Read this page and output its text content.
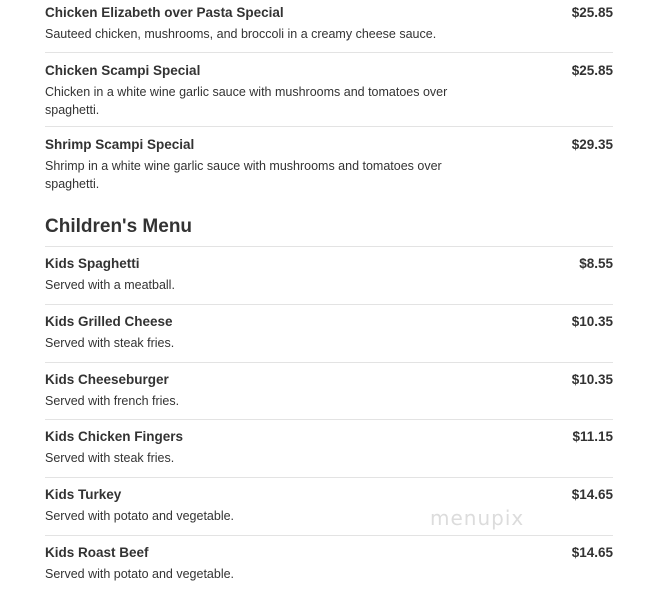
Chicken Elizabeth over Pasta Special	$25.85
Sauteed chicken, mushrooms, and broccoli in a creamy cheese sauce.
Chicken Scampi Special	$25.85
Chicken in a white wine garlic sauce with mushrooms and tomatoes over spaghetti.
Shrimp Scampi Special	$29.35
Shrimp in a white wine garlic sauce with mushrooms and tomatoes over spaghetti.
Children's Menu
Kids Spaghetti	$8.55
Served with a meatball.
Kids Grilled Cheese	$10.35
Served with steak fries.
Kids Cheeseburger	$10.35
Served with french fries.
Kids Chicken Fingers	$11.15
Served with steak fries.
Kids Turkey	$14.65
Served with potato and vegetable.
Kids Roast Beef	$14.65
Served with potato and vegetable.
menupix
